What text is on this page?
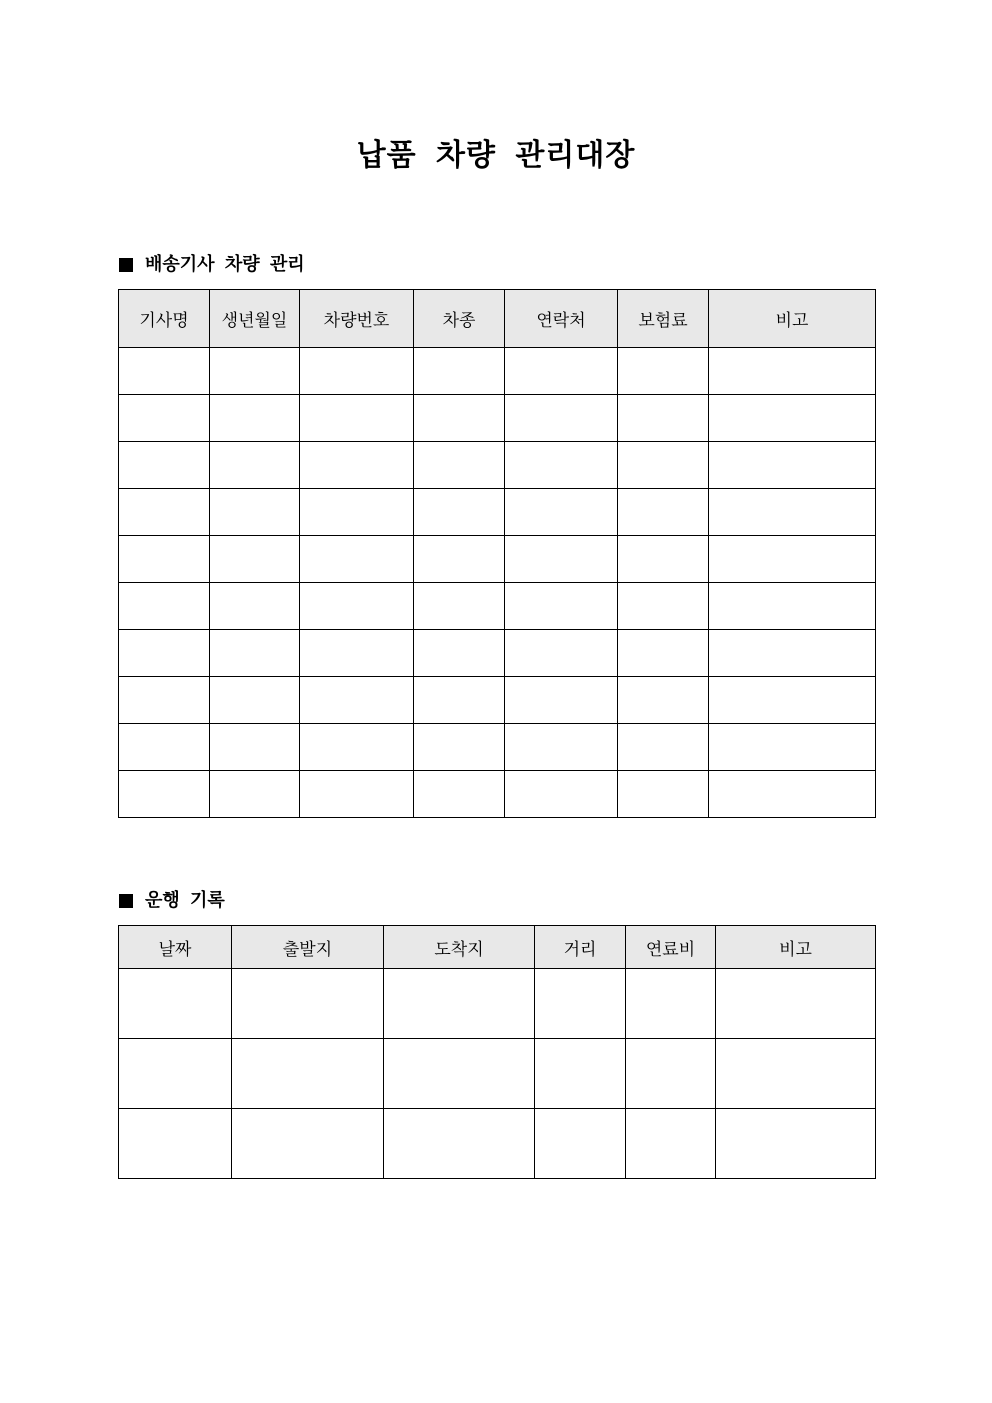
납품 차량 관리대장
배송기사 차량 관리
기사명	생년월일	차량번호	차종	연락처	보험료	비고

운행 기록
날짜	출발지	도착지	거리	연료비	비고
